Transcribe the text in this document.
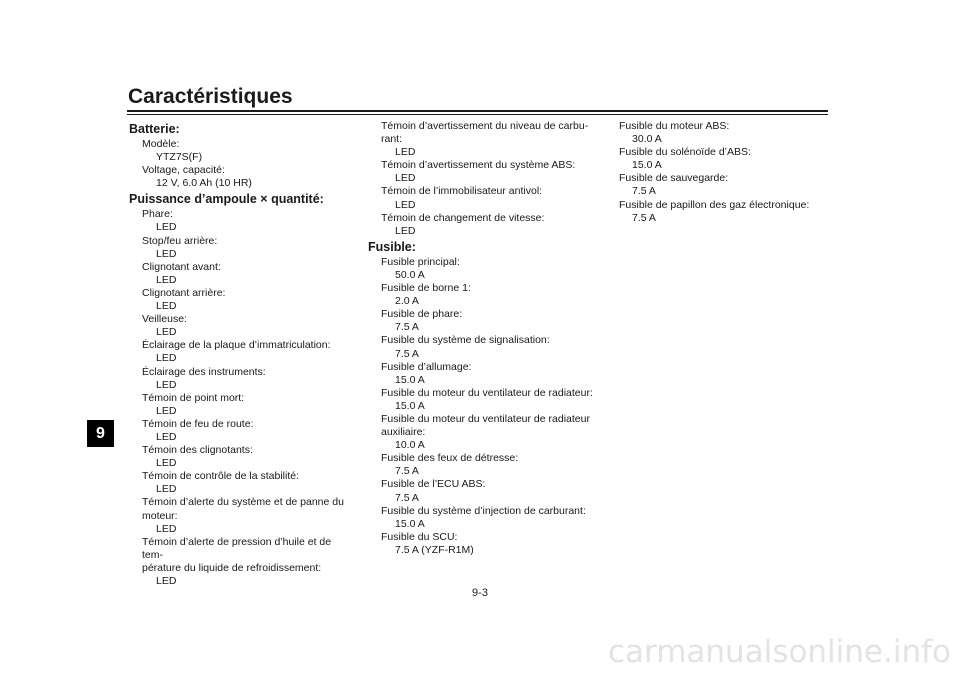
Caractéristiques
9
Batterie:
Modèle:
YTZ7S(F)
Voltage, capacité:
12 V, 6.0 Ah (10 HR)
Puissance d’ampoule × quantité:
Phare:
LED
Stop/feu arrière:
LED
Clignotant avant:
LED
Clignotant arrière:
LED
Veilleuse:
LED
Éclairage de la plaque d’immatriculation:
LED
Éclairage des instruments:
LED
Témoin de point mort:
LED
Témoin de feu de route:
LED
Témoin des clignotants:
LED
Témoin de contrôle de la stabilité:
LED
Témoin d’alerte du système et de panne du
moteur:
LED
Témoin d’alerte de pression d’huile et de tem-
pérature du liquide de refroidissement:
LED
Témoin d’avertissement du niveau de carbu-
rant:
LED
Témoin d’avertissement du système ABS:
LED
Témoin de l’immobilisateur antivol:
LED
Témoin de changement de vitesse:
LED
Fusible:
Fusible principal:
50.0 A
Fusible de borne 1:
2.0 A
Fusible de phare:
7.5 A
Fusible du système de signalisation:
7.5 A
Fusible d’allumage:
15.0 A
Fusible du moteur du ventilateur de radiateur:
15.0 A
Fusible du moteur du ventilateur de radiateur
auxiliaire:
10.0 A
Fusible des feux de détresse:
7.5 A
Fusible de l’ECU ABS:
7.5 A
Fusible du système d’injection de carburant:
15.0 A
Fusible du SCU:
7.5 A (YZF-R1M)
Fusible du moteur ABS:
30.0 A
Fusible du solénoïde d’ABS:
15.0 A
Fusible de sauvegarde:
7.5 A
Fusible de papillon des gaz électronique:
7.5 A
9-3
carmanualsonline.info
